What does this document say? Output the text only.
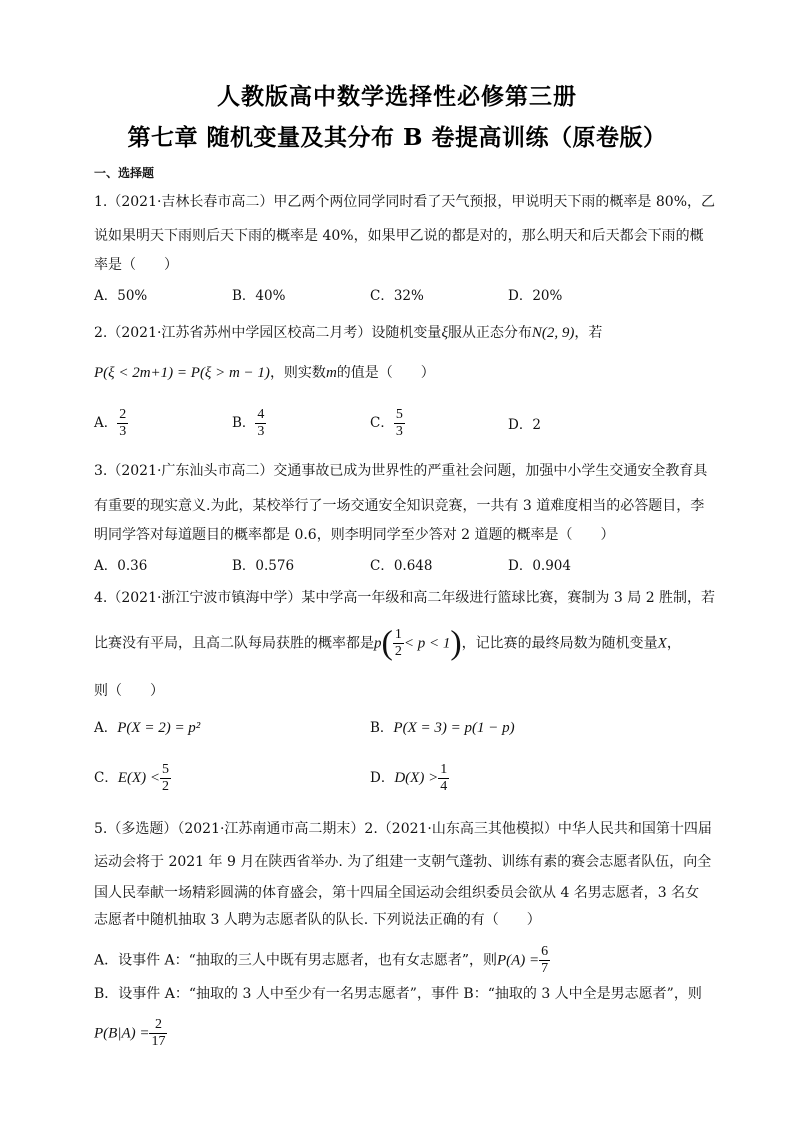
人教版高中数学选择性必修第三册
第七章 随机变量及其分布 B 卷提高训练（原卷版）
一、选择题
1.（2021·吉林长春市高二）甲乙两个两位同学同时看了天气预报，甲说明天下雨的概率是 80%，乙
说如果明天下雨则后天下雨的概率是 40%，如果甲乙说的都是对的，那么明天和后天都会下雨的概
率是（　　）
A．50%	B．40%	C．32%	D．20%
2.（2021·江苏省苏州中学园区校高二月考）设随机变量ξ服从正态分布N(2, 9)，若
P(ξ < 2m+1) = P(ξ > m − 1)，则实数m的值是（　　）
A． $\frac{2}{3}$	B． $\frac{4}{3}$	C． $\frac{5}{3}$	D．2
3.（2021·广东汕头市高二）交通事故已成为世界性的严重社会问题，加强中小学生交通安全教育具
有重要的现实意义.为此，某校举行了一场交通安全知识竞赛，一共有 3 道难度相当的必答题目，李
明同学答对每道题目的概率都是 0.6，则李明同学至少答对 2 道题的概率是（　　）
A．0.36	B．0.576	C．0.648	D．0.904
4.（2021·浙江宁波市镇海中学）某中学高一年级和高二年级进行篮球比赛，赛制为 3 局 2 胜制，若
比赛没有平局，且高二队每局获胜的概率都是$p( \frac{1}{2} < p < 1)$，记比赛的最终局数为随机变量X，
则（　　）
A．P(X = 2) = p²	B．P(X = 3) = p(1 − p)
C．$E(X) < \frac{5}{2}$	D．$D(X) > \frac{1}{4}$
5.（多选题）（2021·江苏南通市高二期末）2.（2021·山东高三其他模拟）中华人民共和国第十四届
运动会将于 2021 年 9 月在陕西省举办. 为了组建一支朝气蓬勃、训练有素的赛会志愿者队伍，向全
国人民奉献一场精彩圆满的体育盛会，第十四届全国运动会组织委员会欲从 4 名男志愿者，3 名女
志愿者中随机抽取 3 人聘为志愿者队的队长. 下列说法正确的有（　　）
A．设事件 A：“抽取的三人中既有男志愿者，也有女志愿者”，则$P(A) = \frac{6}{7}$
B．设事件 A：“抽取的 3 人中至少有一名男志愿者”，事件 B：“抽取的 3 人中全是男志愿者”，则
$P(B|A) = \frac{2}{17}$
